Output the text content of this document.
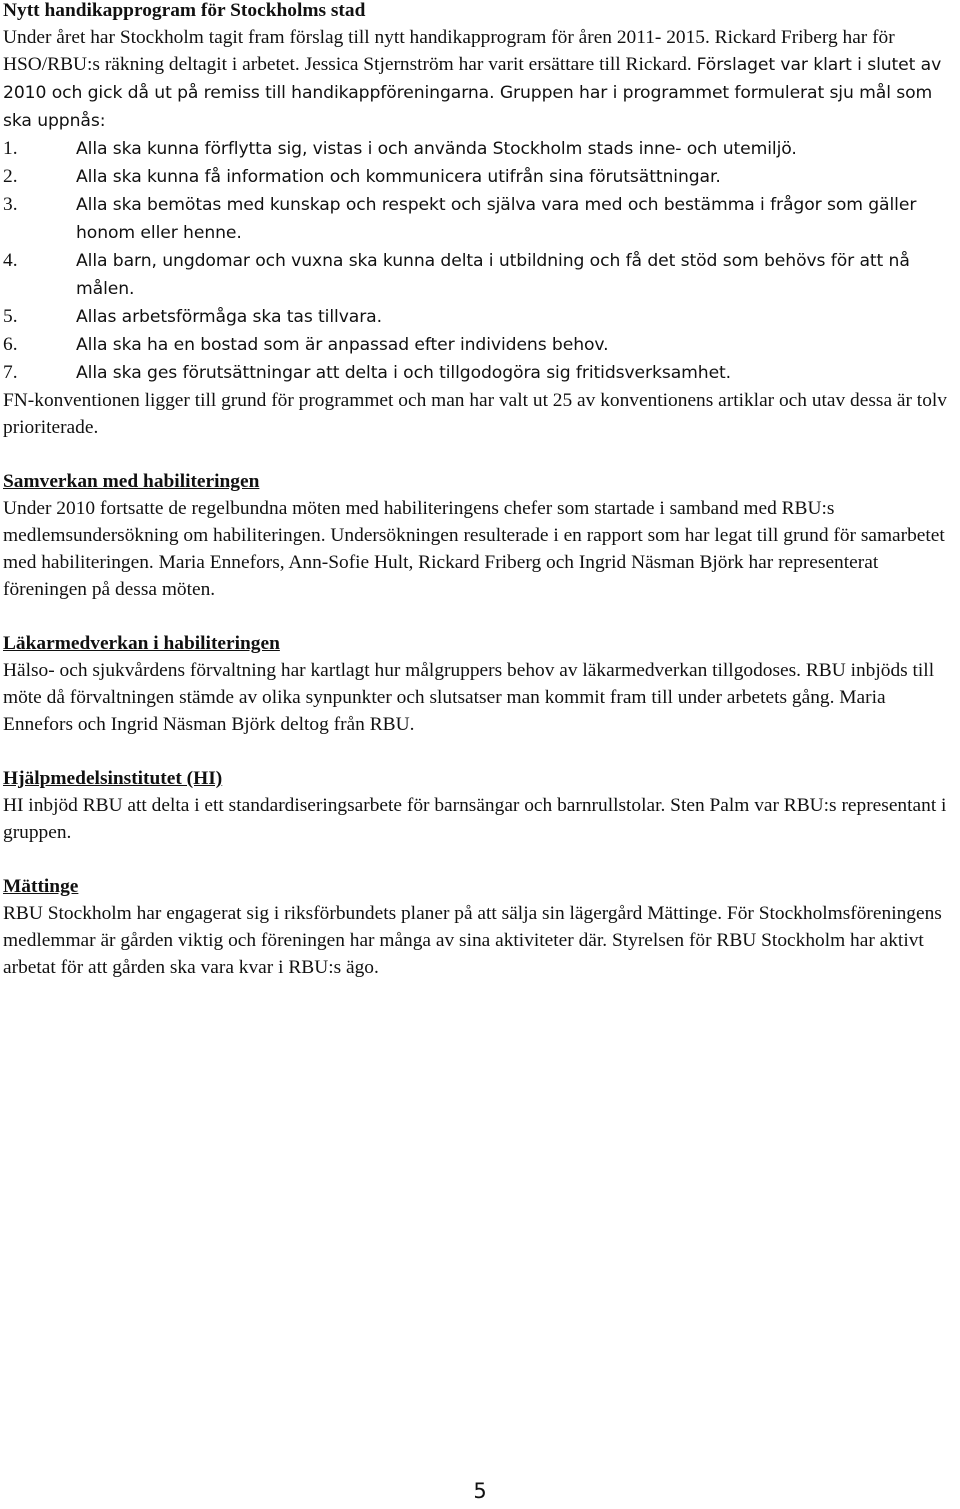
Nytt handikapprogram för Stockholms stad

Under året har Stockholm tagit fram förslag till nytt handikapprogram för åren 2011- 2015. Rickard Friberg har för HSO/RBU:s räkning deltagit i arbetet. Jessica Stjernström har varit ersättare till Rickard. Förslaget var klart i slutet av 2010 och gick då ut på remiss till handikappföreningarna. Gruppen har i programmet formulerat sju mål som ska uppnås:

1.	Alla ska kunna förflytta sig, vistas i och använda Stockholm stads inne- och utemiljö.
2.	Alla ska kunna få information och kommunicera utifrån sina förutsättningar.
3.	Alla ska bemötas med kunskap och respekt och själva vara med och bestämma i frågor som gäller honom eller henne.
4.	Alla barn, ungdomar och vuxna ska kunna delta i utbildning och få det stöd som behövs för att nå målen.
5.	Allas arbetsförmåga ska tas tillvara.
6.	Alla ska ha en bostad som är anpassad efter individens behov.
7.	Alla ska ges förutsättningar att delta i och tillgodogöra sig fritidsverksamhet.

FN-konventionen ligger till grund för programmet och man har valt ut 25 av konventionens artiklar och utav dessa är tolv prioriterade.

Samverkan med habiliteringen

Under 2010 fortsatte de regelbundna möten med habiliteringens chefer som startade i samband med RBU:s medlemsundersökning om habiliteringen. Undersökningen resulterade i en rapport som har legat till grund för samarbetet med habiliteringen. Maria Ennefors, Ann-Sofie Hult, Rickard Friberg och Ingrid Näsman Björk har representerat föreningen på dessa möten.

Läkarmedverkan i habiliteringen

Hälso- och sjukvårdens förvaltning har kartlagt hur målgruppers behov av läkarmedverkan tillgodoses. RBU inbjöds till möte då förvaltningen stämde av olika synpunkter och slutsatser man kommit fram till under arbetets gång. Maria Ennefors och Ingrid Näsman Björk deltog från RBU.

Hjälpmedelsinstitutet (HI)

HI inbjöd RBU att delta i ett standardiseringsarbete för barnsängar och barnrullstolar. Sten Palm var RBU:s representant i gruppen.

Mättinge

RBU Stockholm har engagerat sig i riksförbundets planer på att sälja sin lägergård Mättinge. För Stockholmsföreningens medlemmar är gården viktig och föreningen har många av sina aktiviteter där. Styrelsen för RBU Stockholm har aktivt arbetat för att gården ska vara kvar i RBU:s ägo.

5
